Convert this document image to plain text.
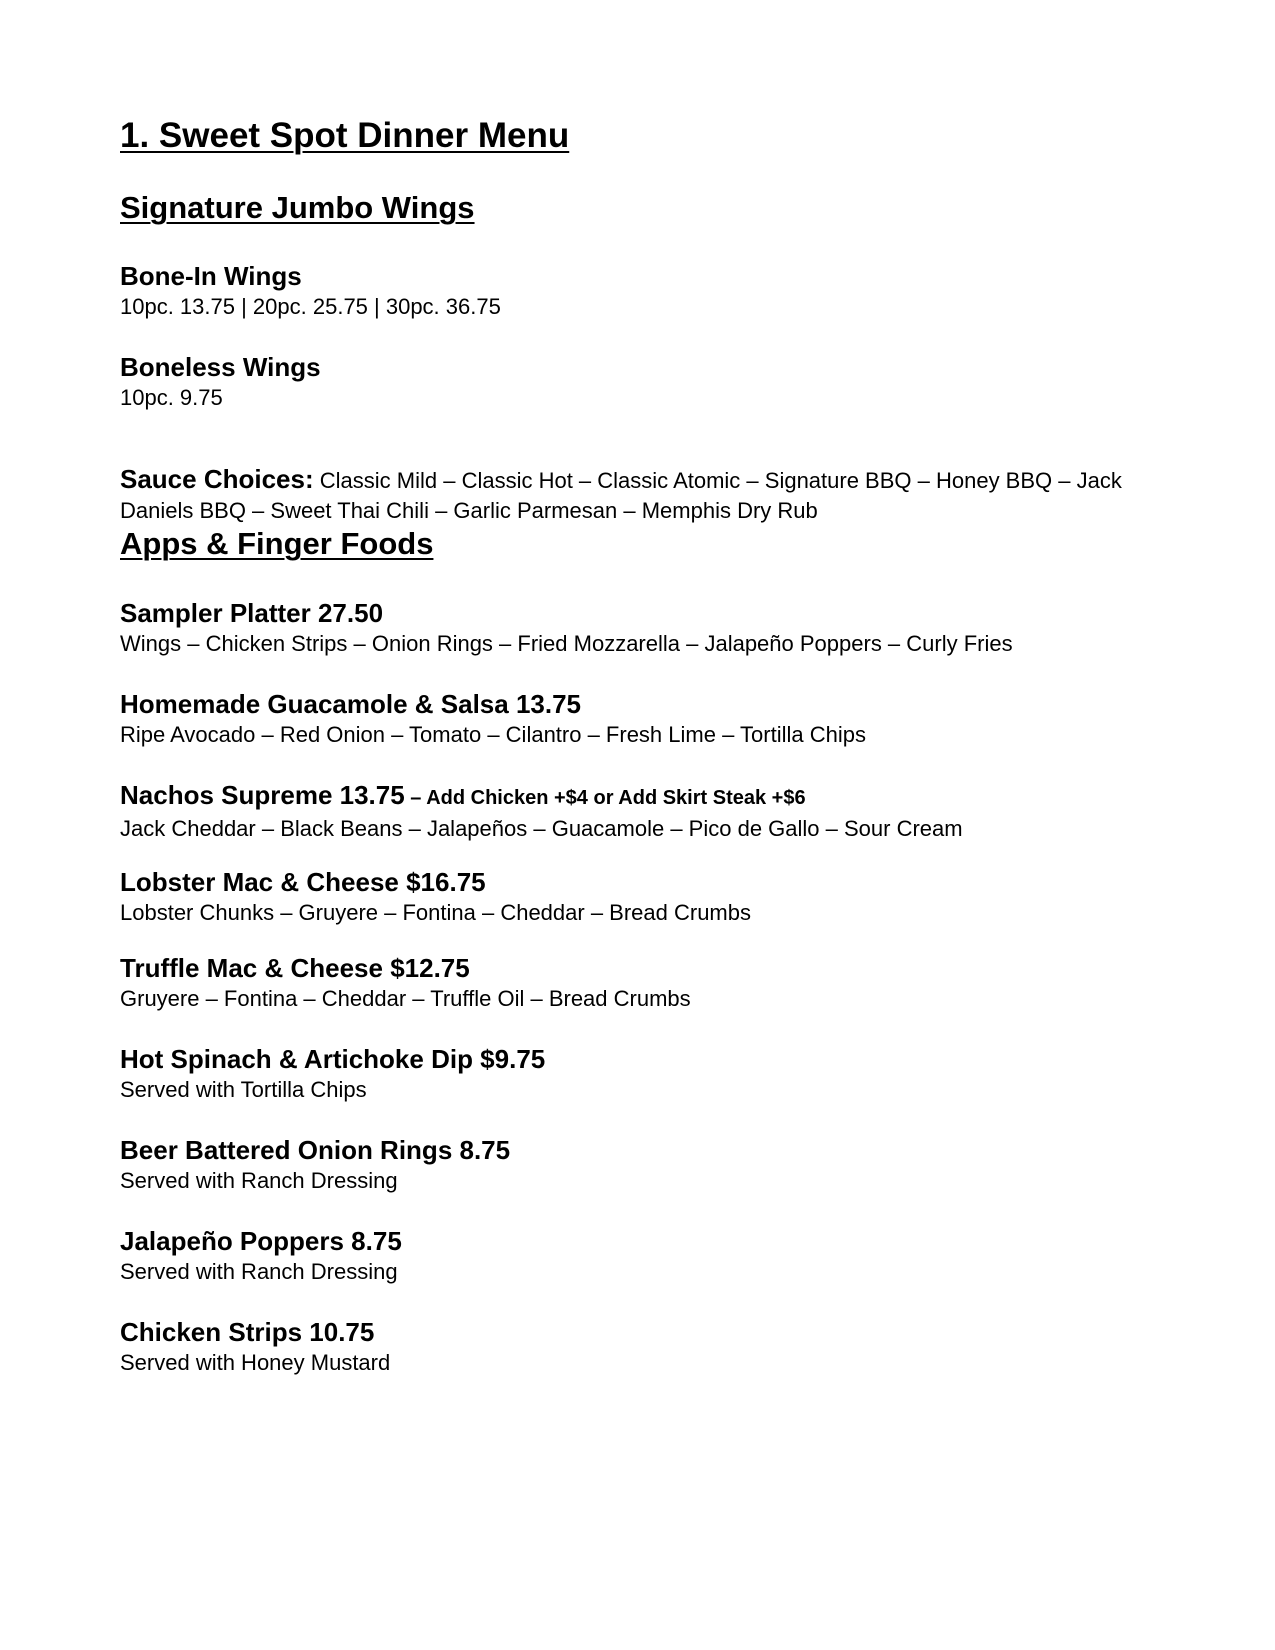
1. Sweet Spot Dinner Menu
Signature Jumbo Wings
Bone-In Wings
10pc. 13.75 | 20pc. 25.75 | 30pc. 36.75
Boneless Wings
10pc. 9.75
Sauce Choices: Classic Mild – Classic Hot – Classic Atomic – Signature BBQ – Honey BBQ – Jack Daniels BBQ – Sweet Thai Chili – Garlic Parmesan – Memphis Dry Rub
Apps & Finger Foods
Sampler Platter 27.50
Wings – Chicken Strips – Onion Rings – Fried Mozzarella – Jalapeño Poppers – Curly Fries
Homemade Guacamole & Salsa 13.75
Ripe Avocado – Red Onion – Tomato – Cilantro – Fresh Lime – Tortilla Chips
Nachos Supreme 13.75 – Add Chicken +$4 or Add Skirt Steak +$6
Jack Cheddar – Black Beans – Jalapeños – Guacamole – Pico de Gallo – Sour Cream
Lobster Mac & Cheese $16.75
Lobster Chunks – Gruyere – Fontina – Cheddar – Bread Crumbs
Truffle Mac & Cheese $12.75
Gruyere – Fontina – Cheddar – Truffle Oil – Bread Crumbs
Hot Spinach & Artichoke Dip $9.75
Served with Tortilla Chips
Beer Battered Onion Rings 8.75
Served with Ranch Dressing
Jalapeño Poppers 8.75
Served with Ranch Dressing
Chicken Strips 10.75
Served with Honey Mustard
